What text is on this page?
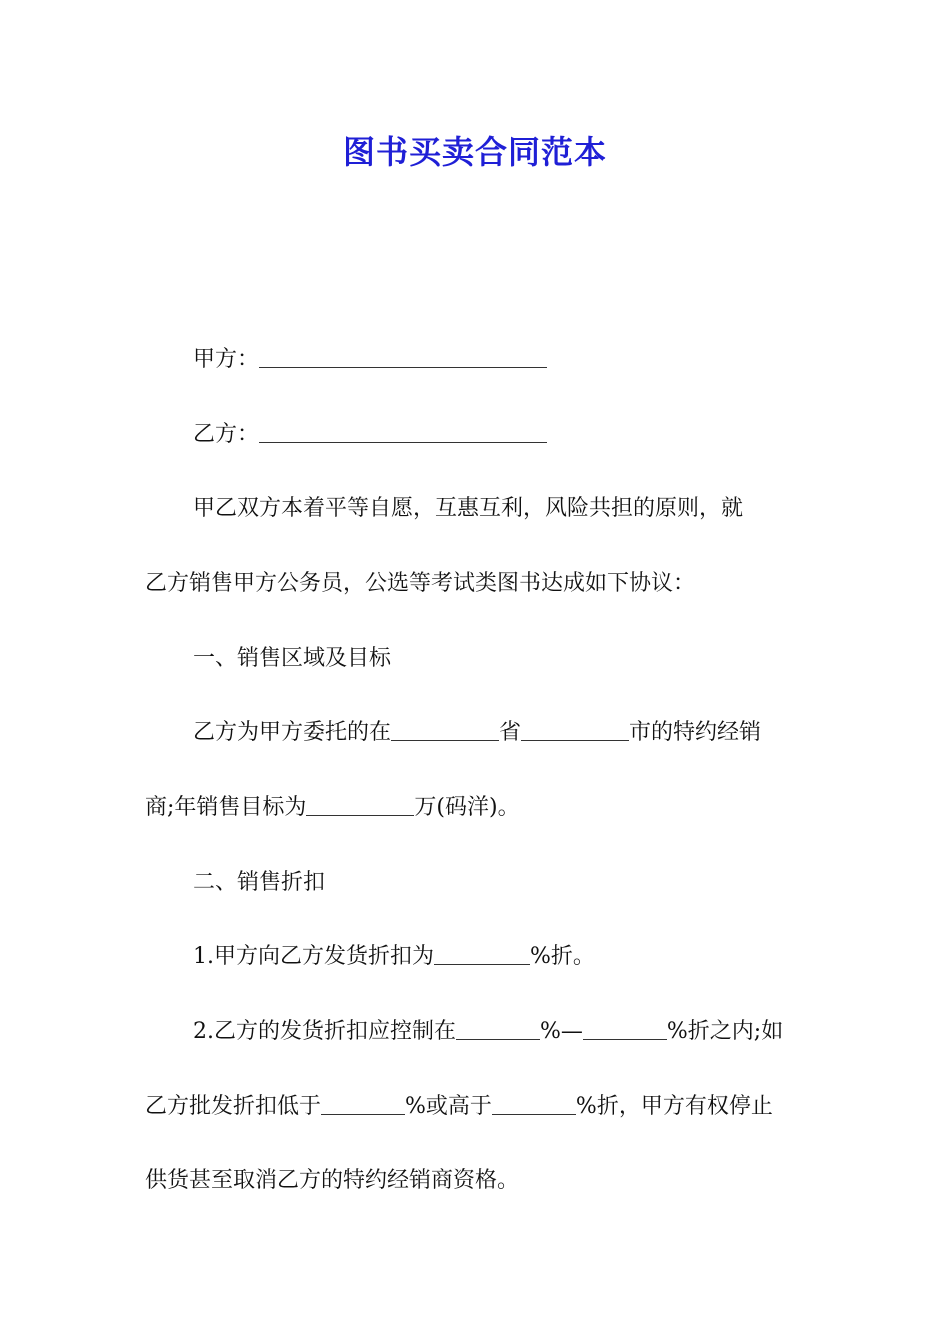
图书买卖合同范本

甲方：

乙方：

甲乙双方本着平等自愿，互惠互利，风险共担的原则，就

乙方销售甲方公务员，公选等考试类图书达成如下协议：

一、销售区域及目标

乙方为甲方委托的在	省	市的特约经销

商;年销售目标为	万(码洋)。

二、销售折扣

1.甲方向乙方发货折扣为	%折。

2.乙方的发货折扣应控制在	%—	%折之内;如

乙方批发折扣低于	%或高于	%折，甲方有权停止

供货甚至取消乙方的特约经销商资格。
